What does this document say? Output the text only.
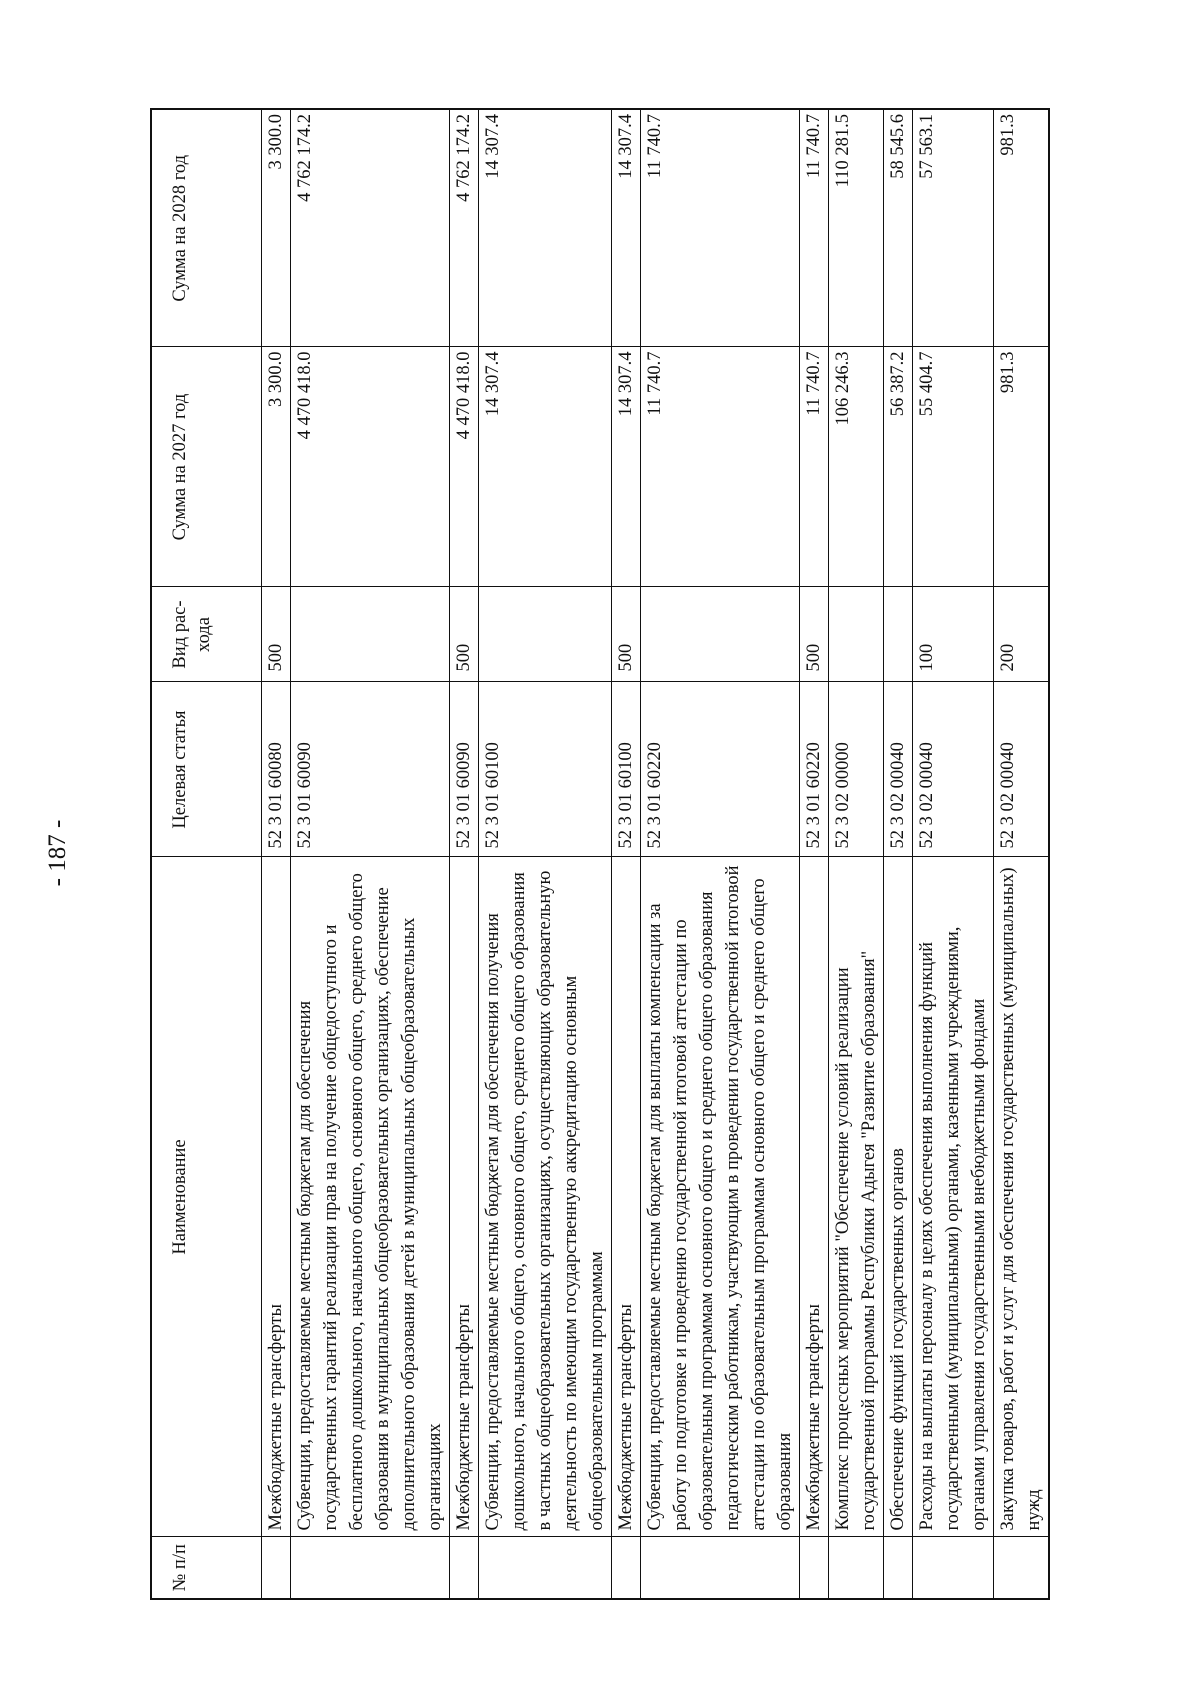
- 187 -
№ п/п	Наименование	Целевая статья	Вид рас-хода	Сумма на 2027 год	Сумма на 2028 год
	Межбюджетные трансферты	52 3 01 60080	500	3 300.0	3 300.0
	Субвенции, предоставляемые местным бюджетам для обеспечения государственных гарантий реализации прав на получение общедоступного и бесплатного дошкольного, начального общего, основного общего, среднего общего образования в муниципальных общеобразовательных организациях, обеспечение дополнительного образования детей в муниципальных общеобразовательных организациях	52 3 01 60090		4 470 418.0	4 762 174.2
	Межбюджетные трансферты	52 3 01 60090	500	4 470 418.0	4 762 174.2
	Субвенции, предоставляемые местным бюджетам для обеспечения получения дошкольного, начального общего, основного общего, среднего общего образования в частных общеобразовательных организациях, осуществляющих образовательную деятельность по имеющим государственную аккредитацию основным общеобразовательным программам	52 3 01 60100		14 307.4	14 307.4
	Межбюджетные трансферты	52 3 01 60100	500	14 307.4	14 307.4
	Субвенции, предоставляемые местным бюджетам для выплаты компенсации за работу по подготовке и проведению государственной итоговой аттестации по образовательным программам основного общего и среднего общего образования педагогическим работникам, участвующим в проведении государственной итоговой аттестации по образовательным программам основного общего и среднего общего образования	52 3 01 60220		11 740.7	11 740.7
	Межбюджетные трансферты	52 3 01 60220	500	11 740.7	11 740.7
	Комплекс процессных мероприятий "Обеспечение условий реализации государственной программы Республики Адыгея "Развитие образования"	52 3 02 00000		106 246.3	110 281.5
	Обеспечение функций государственных органов	52 3 02 00040		56 387.2	58 545.6
	Расходы на выплаты персоналу в целях обеспечения выполнения функций государственными (муниципальными) органами, казенными учреждениями, органами управления государственными внебюджетными фондами	52 3 02 00040	100	55 404.7	57 563.1
	Закупка товаров, работ и услуг для обеспечения государственных (муниципальных) нужд	52 3 02 00040	200	981.3	981.3
